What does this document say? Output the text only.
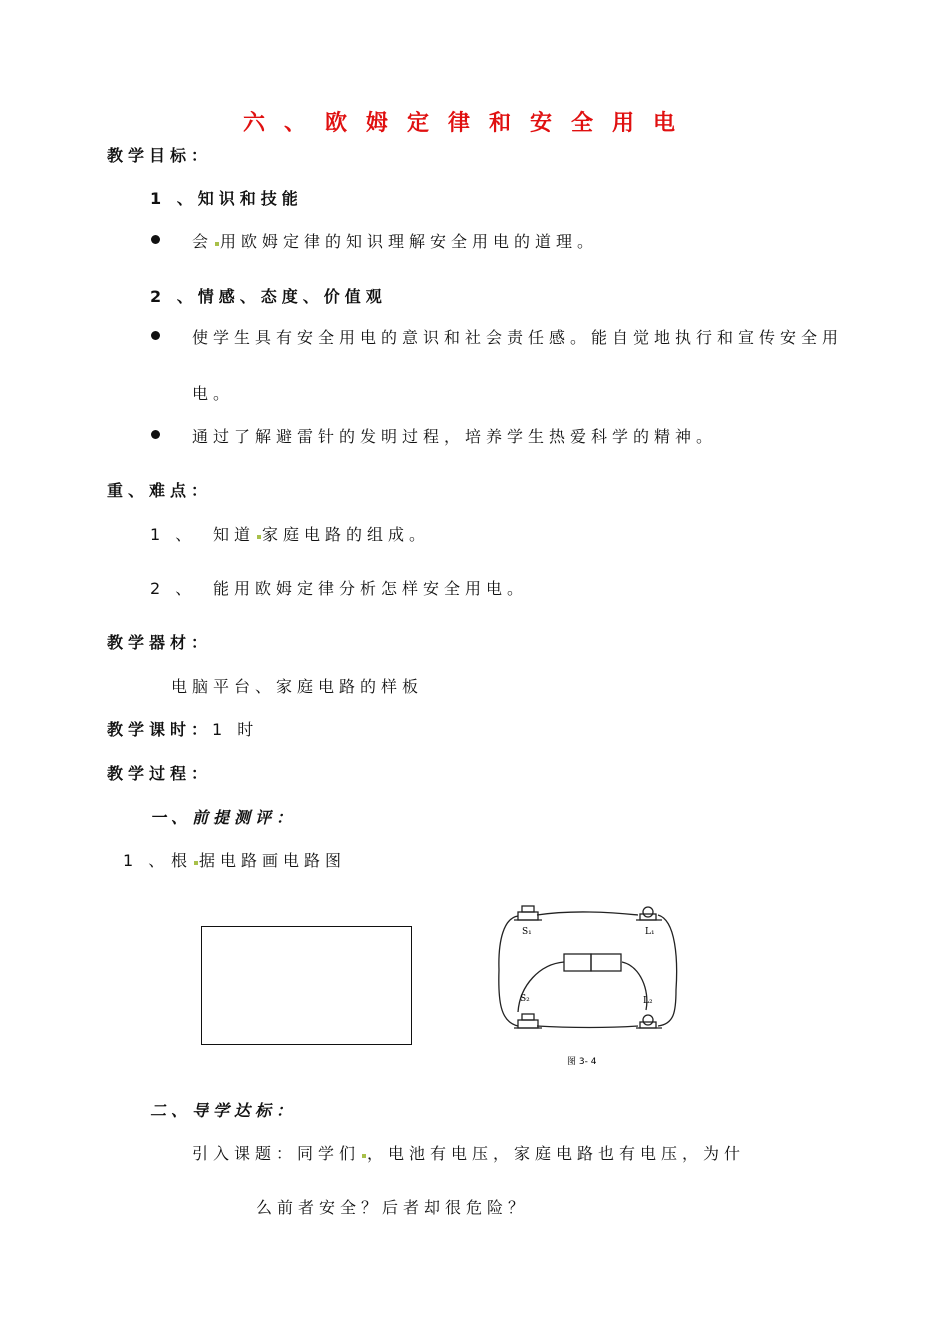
六、欧姆定律和安全用电
教学目标：
1 、知识和技能
会 用欧姆定律的知识理解安全用电的道理。
2 、情感、态度、价值观
使学生具有安全用电的意识和社会责任感。能自觉地执行和宣传安全用
电。
通过了解避雷针的发明过程，培养学生热爱科学的精神。
重、难点：
1 、 知道 家庭电路的组成。
2 、 能用欧姆定律分析怎样安全用电。
教学器材：
电脑平台、家庭电路的样板
教学课时：1 时
教学过程：
一、前提测评：
1 、 根 据电路画电路图
S₁	L₁
S₂	L₂
图 3- 4
二、导学达标：
引入课题：同学们 ，电池有电压，家庭电路也有电压，为什
么前者安全？后者却很危险？
